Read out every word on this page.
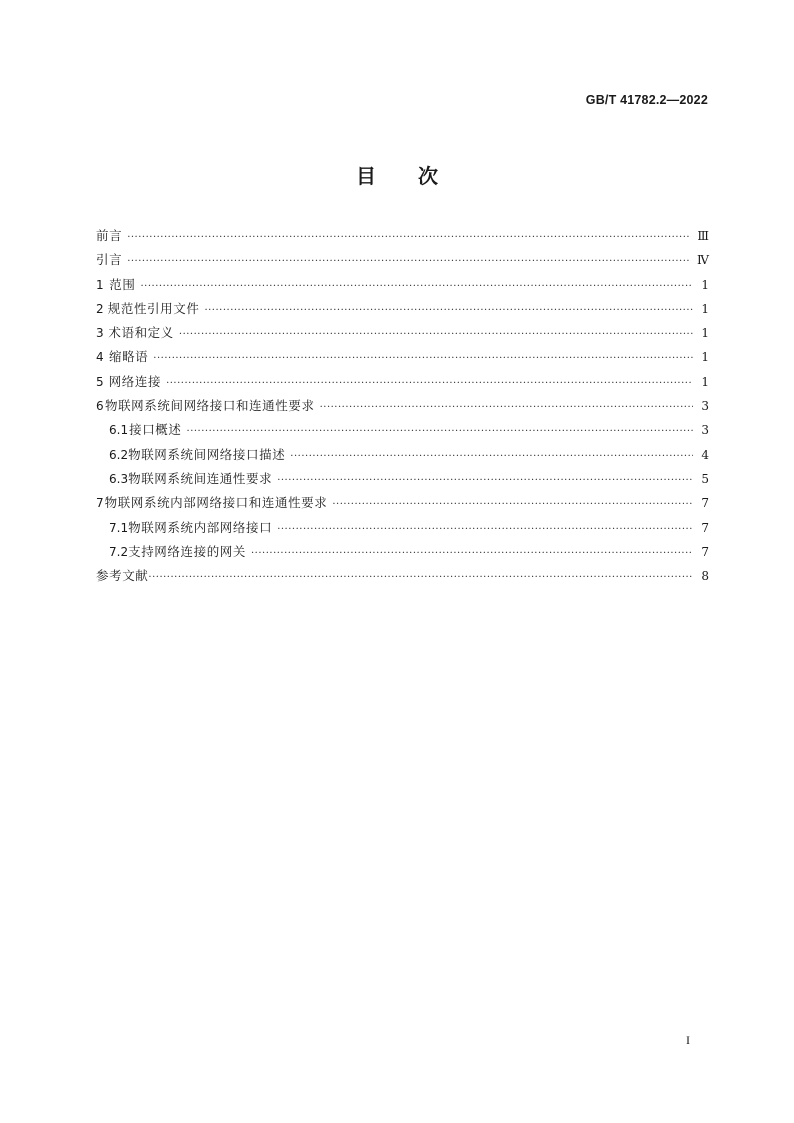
GB/T 41782.2—2022
目 次
前言 ·····	Ⅲ
引言 ·····	Ⅳ
1 范围 ·····	1
2 规范性引用文件 ·····	1
3 术语和定义 ·····	1
4 缩略语 ·····	1
5 网络连接 ·····	1
6 物联网系统间网络接口和连通性要求 ·····	3
6.1 接口概述 ·····	3
6.2 物联网系统间网络接口描述 ·····	4
6.3 物联网系统间连通性要求 ·····	5
7 物联网系统内部网络接口和连通性要求 ·····	7
7.1 物联网系统内部网络接口 ·····	7
7.2 支持网络连接的网关 ·····	7
参考文献 ·····	8
I
